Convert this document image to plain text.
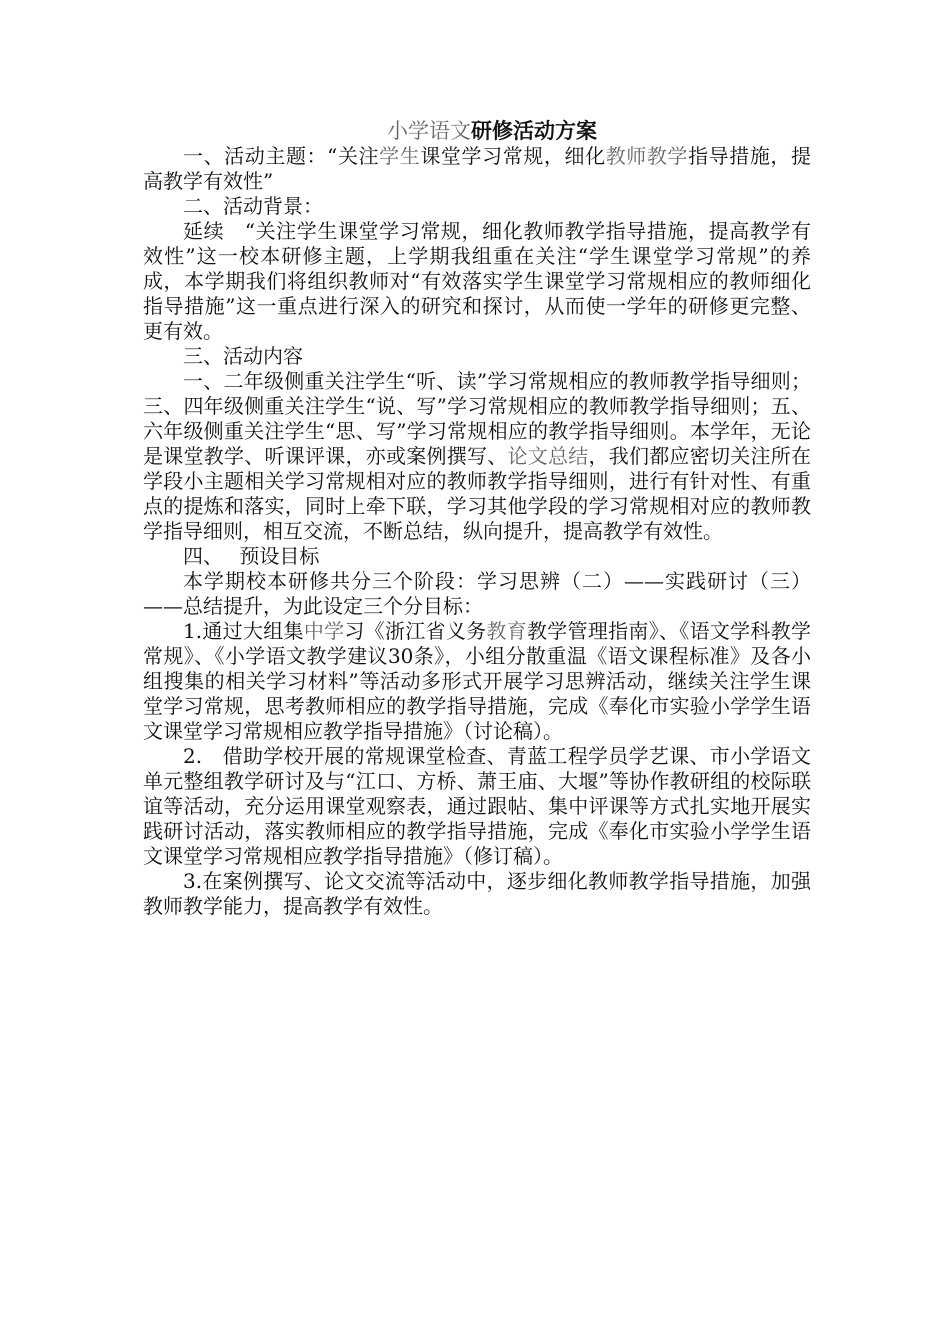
小学语文研修活动方案

一、活动主题：“关注学生课堂学习常规，细化教师教学指导措施，提高教学有效性”

二、活动背景：

延续　“关注学生课堂学习常规，细化教师教学指导措施，提高教学有效性”这一校本研修主题，上学期我组重在关注“学生课堂学习常规”的养成，本学期我们将组织教师对“有效落实学生课堂学习常规相应的教师细化指导措施”这一重点进行深入的研究和探讨，从而使一学年的研修更完整、更有效。

三、活动内容

一、二年级侧重关注学生“听、读”学习常规相应的教师教学指导细则；三、四年级侧重关注学生“说、写”学习常规相应的教师教学指导细则；五、六年级侧重关注学生“思、写”学习常规相应的教学指导细则。本学年，无论是课堂教学、听课评课，亦或案例撰写、论文总结，我们都应密切关注所在学段小主题相关学习常规相对应的教师教学指导细则，进行有针对性、有重点的提炼和落实，同时上牵下联，学习其他学段的学习常规相对应的教师教学指导细则，相互交流，不断总结，纵向提升，提高教学有效性。

四、　 预设目标

本学期校本研修共分三个阶段：学习思辨（二）——实践研讨（三）——总结提升，为此设定三个分目标：

1.通过大组集中学习《浙江省义务教育教学管理指南》、《语文学科教学常规》、《小学语文教学建议30条》，小组分散重温《语文课程标准》及各小组搜集的相关学习材料”等活动多形式开展学习思辨活动，继续关注学生课堂学习常规，思考教师相应的教学指导措施，完成《奉化市实验小学学生语文课堂学习常规相应教学指导措施》（讨论稿）。

2.　借助学校开展的常规课堂检查、青蓝工程学员学艺课、市小学语文单元整组教学研讨及与“江口、方桥、萧王庙、大堰”等协作教研组的校际联谊等活动，充分运用课堂观察表，通过跟帖、集中评课等方式扎实地开展实践研讨活动，落实教师相应的教学指导措施，完成《奉化市实验小学学生语文课堂学习常规相应教学指导措施》（修订稿）。

3.在案例撰写、论文交流等活动中，逐步细化教师教学指导措施，加强教师教学能力，提高教学有效性。
